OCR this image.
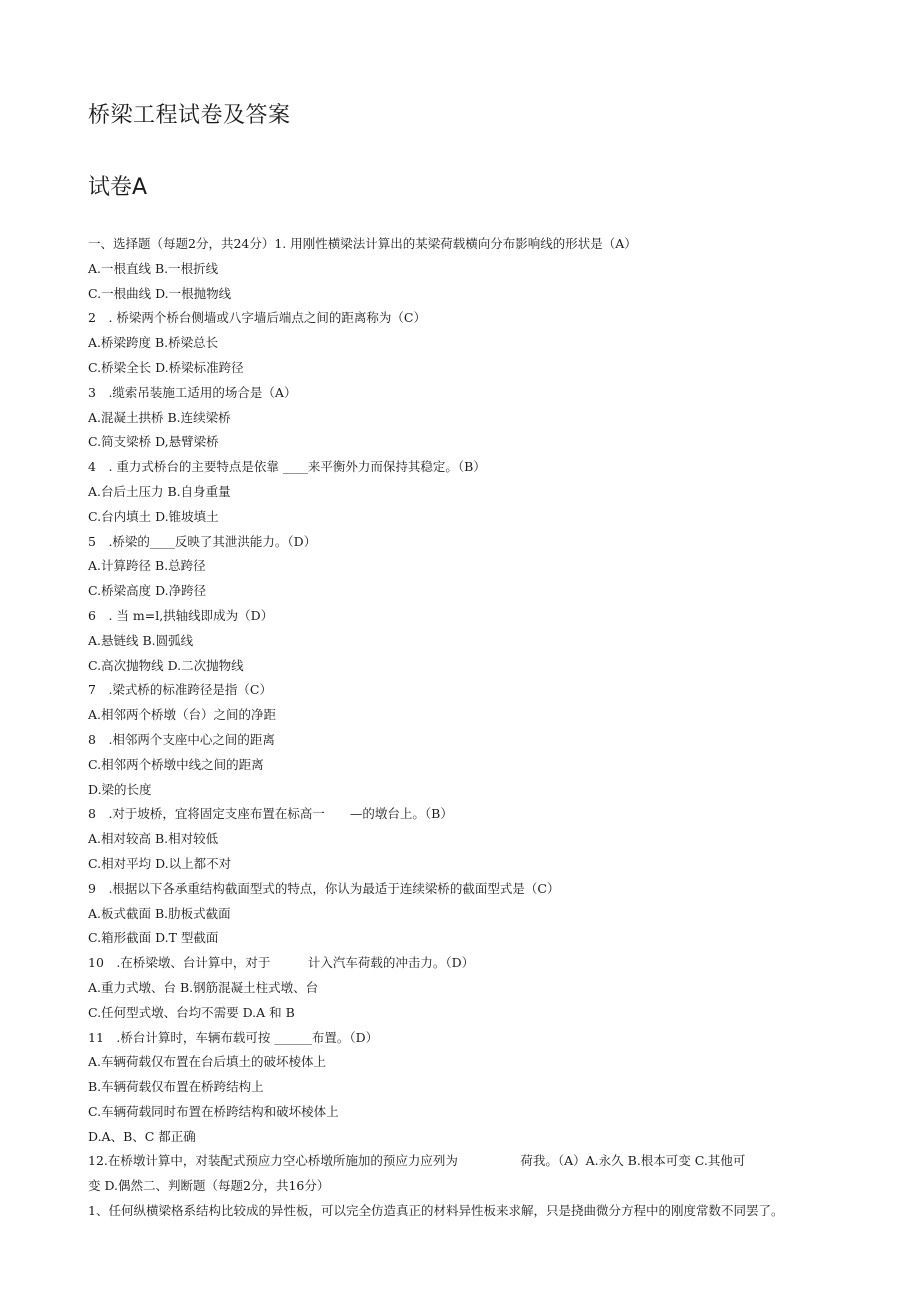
桥梁工程试卷及答案
试卷A
一、选择题（每题2分，共24分）1. 用刚性横梁法计算出的某梁荷载横向分布影响线的形状是（A）
A.一根直线 B.一根折线
C.一根曲线 D.一根抛物线
2　. 桥梁两个桥台侧墙或八字墙后端点之间的距离称为（C）
A.桥梁跨度 B.桥梁总长
C.桥梁全长 D.桥梁标准跨径
3　.缆索吊装施工适用的场合是（A）
A.混凝土拱桥 B.连续梁桥
C.简支梁桥 D,悬臂梁桥
4　. 重力式桥台的主要特点是依靠 ____来平衡外力而保持其稳定。（B）
A.台后土压力 B.自身重量
C.台内填土 D.锥坡填土
5　.桥梁的____反映了其泄洪能力。（D）
A.计算跨径 B.总跨径
C.桥梁高度 D.净跨径
6　. 当 m=l,拱轴线即成为（D）
A.悬链线 B.圆弧线
C.高次抛物线 D.二次抛物线
7　.梁式桥的标准跨径是指（C）
A.相邻两个桥墩（台）之间的净距
8　.相邻两个支座中心之间的距离
C.相邻两个桥墩中线之间的距离
D.梁的长度
8　.对于坡桥，宜将固定支座布置在标高一　　—的墩台上。（B）
A.相对较高 B.相对较低
C.相对平均 D.以上都不对
9　.根据以下各承重结构截面型式的特点，你认为最适于连续梁桥的截面型式是（C）
A.板式截面 B.肋板式截面
C.箱形截面 D.T 型截面
10　.在桥梁墩、台计算中，对于　　　计入汽车荷载的冲击力。（D）
A.重力式墩、台 B.钢筋混凝土柱式墩、台
C.任何型式墩、台均不需要 D.A 和 B
11　.桥台计算时，车辆布载可按 ______布置。（D）
A.车辆荷载仅布置在台后填土的破坏棱体上
B.车辆荷载仅布置在桥跨结构上
C.车辆荷载同时布置在桥跨结构和破坏棱体上
D.A、B、C 都正确
12.在桥墩计算中，对装配式预应力空心桥墩所施加的预应力应列为　　　　　荷我。（A）A.永久 B.根本可变 C.其他可
变 D.偶然二、判断题（每题2分，共16分）
1、任何纵横梁格系结构比较成的异性板，可以完全仿造真正的材料异性板来求解，只是挠曲微分方程中的刚度常数不同罢了。
